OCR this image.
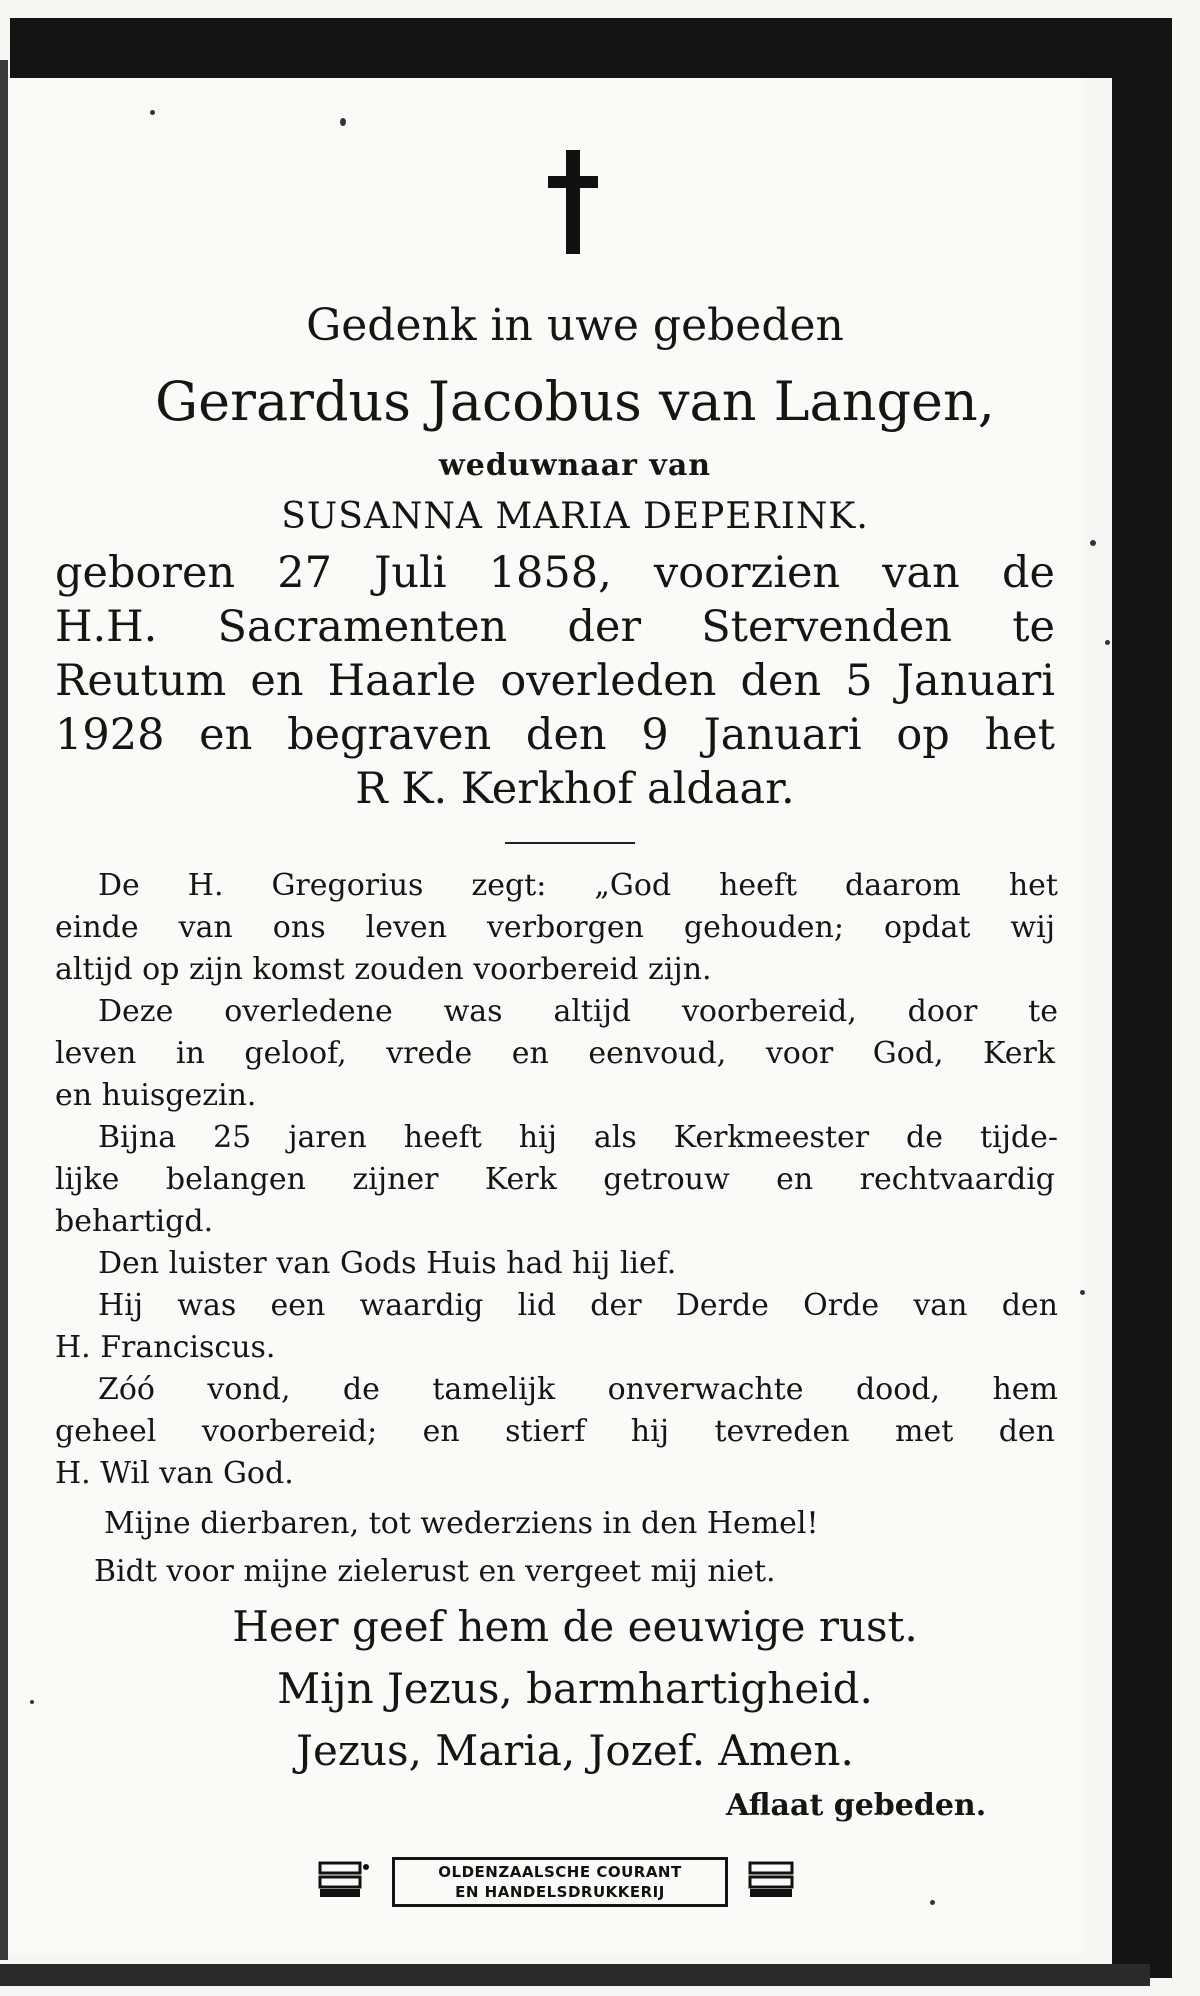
Gedenk in uwe gebeden
Gerardus Jacobus van Langen,
weduwnaar van
SUSANNA MARIA DEPERINK.
geboren 27 Juli 1858, voorzien van de
H.H. Sacramenten der Stervenden te
Reutum en Haarle overleden den 5 Januari
1928 en begraven den 9 Januari op het
R K. Kerkhof aldaar.
De H. Gregorius zegt: „God heeft daarom het
einde van ons leven verborgen gehouden; opdat wij
altijd op zijn komst zouden voorbereid zijn.
Deze overledene was altijd voorbereid, door te
leven in geloof, vrede en eenvoud, voor God, Kerk
en huisgezin.
Bijna 25 jaren heeft hij als Kerkmeester de tijde-
lijke belangen zijner Kerk getrouw en rechtvaardig
behartigd.
Den luister van Gods Huis had hij lief.
Hij was een waardig lid der Derde Orde van den
H. Franciscus.
Zóó vond, de tamelijk onverwachte dood, hem
geheel voorbereid; en stierf hij tevreden met den
H. Wil van God.
Mijne dierbaren, tot wederziens in den Hemel!
Bidt voor mijne zielerust en vergeet mij niet.
Heer geef hem de eeuwige rust.
Mijn Jezus, barmhartigheid.
Jezus, Maria, Jozef. Amen.
Aflaat gebeden.
OLDENZAALSCHE COURANT
EN HANDELSDRUKKERIJ
